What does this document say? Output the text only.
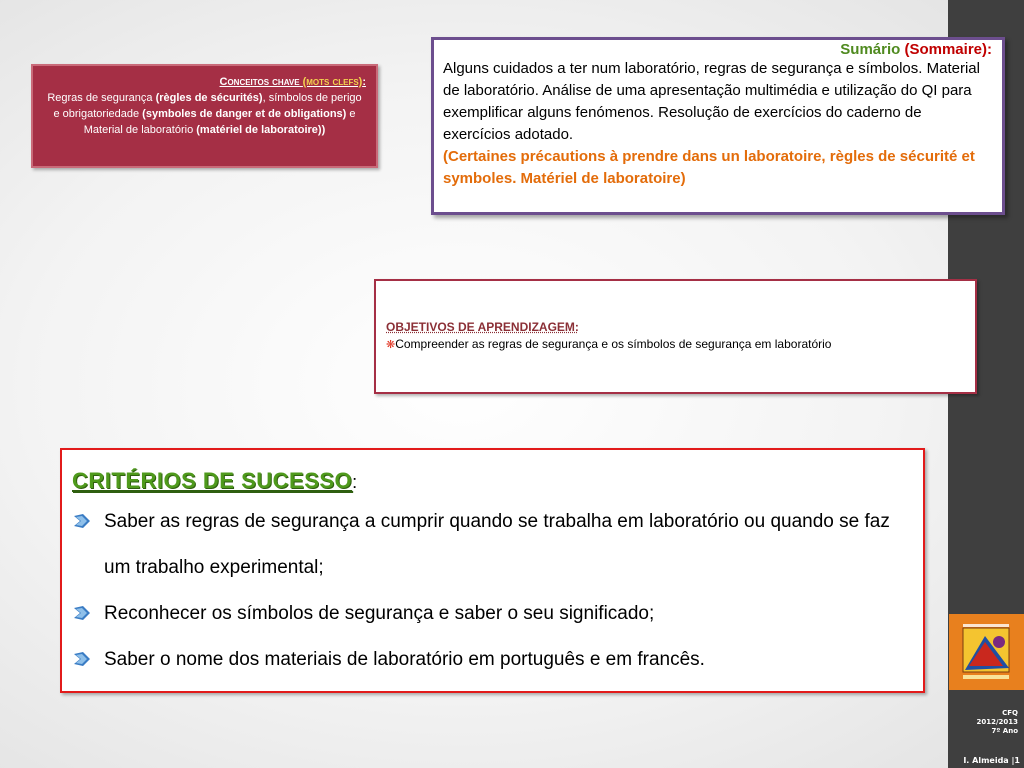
CFQ
2012/2013
7º Ano
I. Almeida |1
Conceitos chave (mots clefs):
Regras de segurança (règles de sécurités), símbolos de perigo e obrigatoriedade (symboles de danger et de obligations) e Material de laboratório (matériel de laboratoire))
Sumário (Sommaire):
Alguns cuidados a ter num laboratório, regras de segurança e símbolos. Material de laboratório. Análise de uma apresentação multimédia e utilização do QI para exemplificar alguns fenómenos. Resolução de exercícios do caderno de exercícios adotado.
(Certaines précautions à prendre dans un laboratoire, règles de sécurité et symboles. Matériel de laboratoire)
OBJETIVOS DE APRENDIZAGEM:
❋Compreender as regras de segurança e os símbolos de segurança em laboratório
CRITÉRIOS DE SUCESSO:
Saber as regras de segurança a cumprir quando se trabalha em laboratório ou quando se faz um trabalho experimental;
Reconhecer os símbolos de segurança e saber o seu significado;
Saber o nome dos materiais de laboratório em português e em francês.
